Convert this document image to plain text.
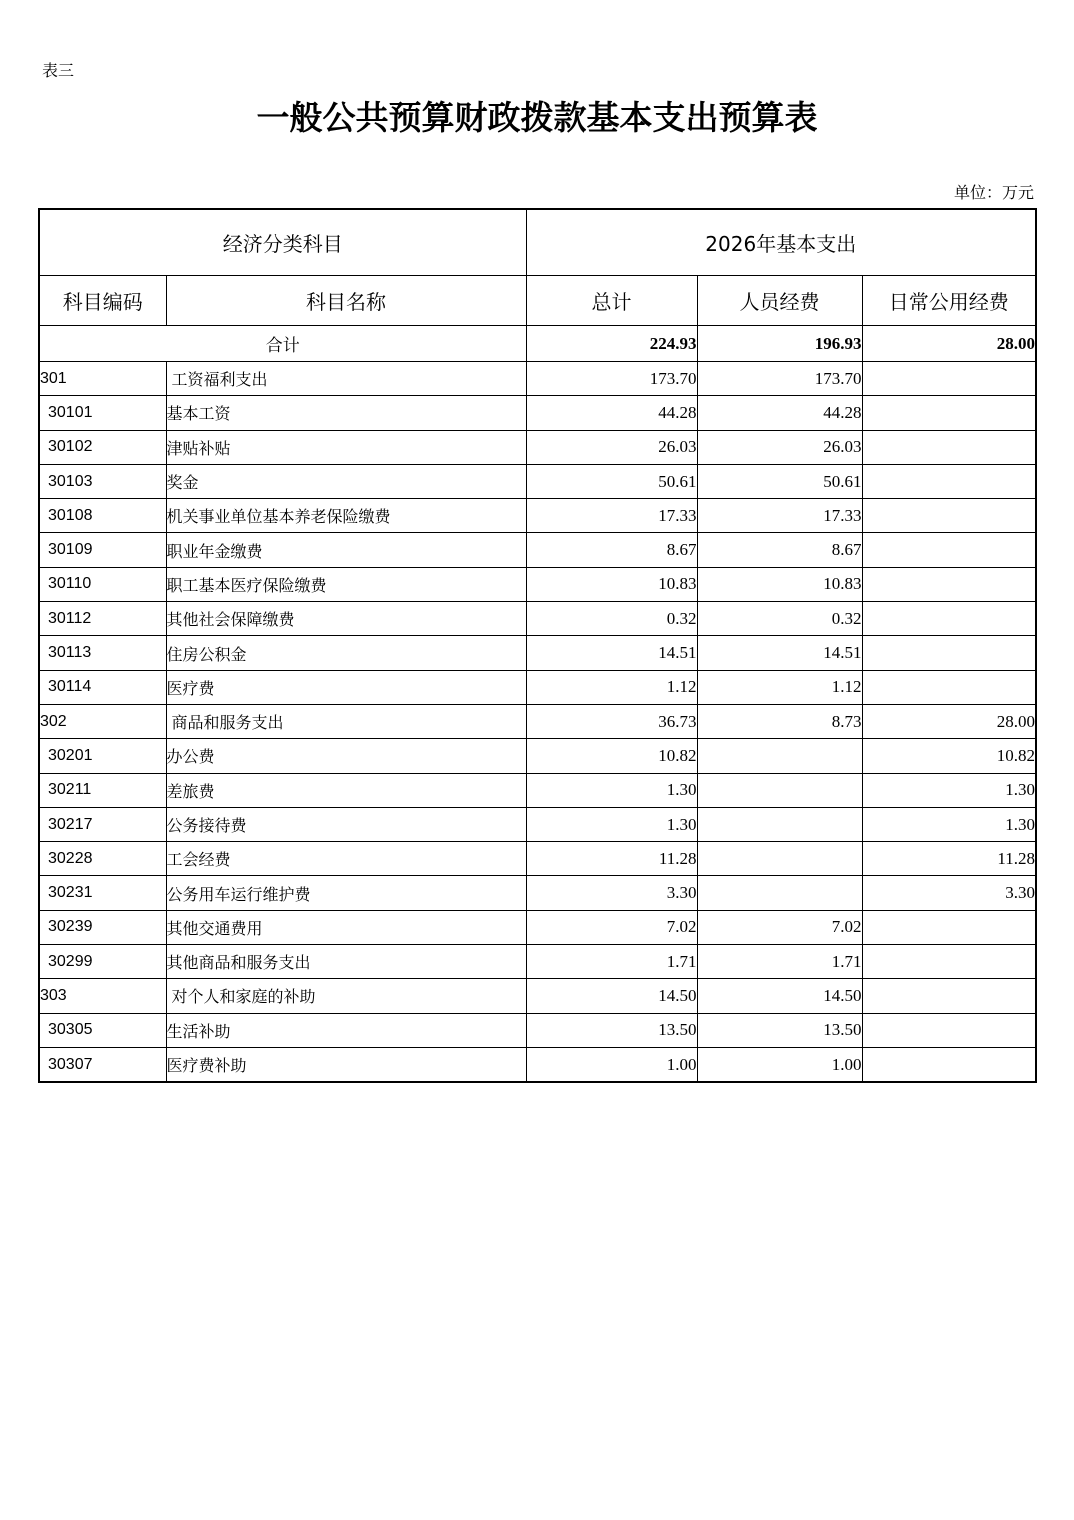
表三
一般公共预算财政拨款基本支出预算表
单位：万元
经济分类科目		2026年基本支出		
科目编码	科目名称	总计	人员经费	日常公用经费
合计		224.93	196.93	28.00
301	工资福利支出	173.70	173.70	
30101	基本工资	44.28	44.28	
30102	津贴补贴	26.03	26.03	
30103	奖金	50.61	50.61	
30108	机关事业单位基本养老保险缴费	17.33	17.33	
30109	职业年金缴费	8.67	8.67	
30110	职工基本医疗保险缴费	10.83	10.83	
30112	其他社会保障缴费	0.32	0.32	
30113	住房公积金	14.51	14.51	
30114	医疗费	1.12	1.12	
302	商品和服务支出	36.73	8.73	28.00
30201	办公费	10.82		10.82
30211	差旅费	1.30		1.30
30217	公务接待费	1.30		1.30
30228	工会经费	11.28		11.28
30231	公务用车运行维护费	3.30		3.30
30239	其他交通费用	7.02	7.02	
30299	其他商品和服务支出	1.71	1.71	
303	对个人和家庭的补助	14.50	14.50	
30305	生活补助	13.50	13.50	
30307	医疗费补助	1.00	1.00	
